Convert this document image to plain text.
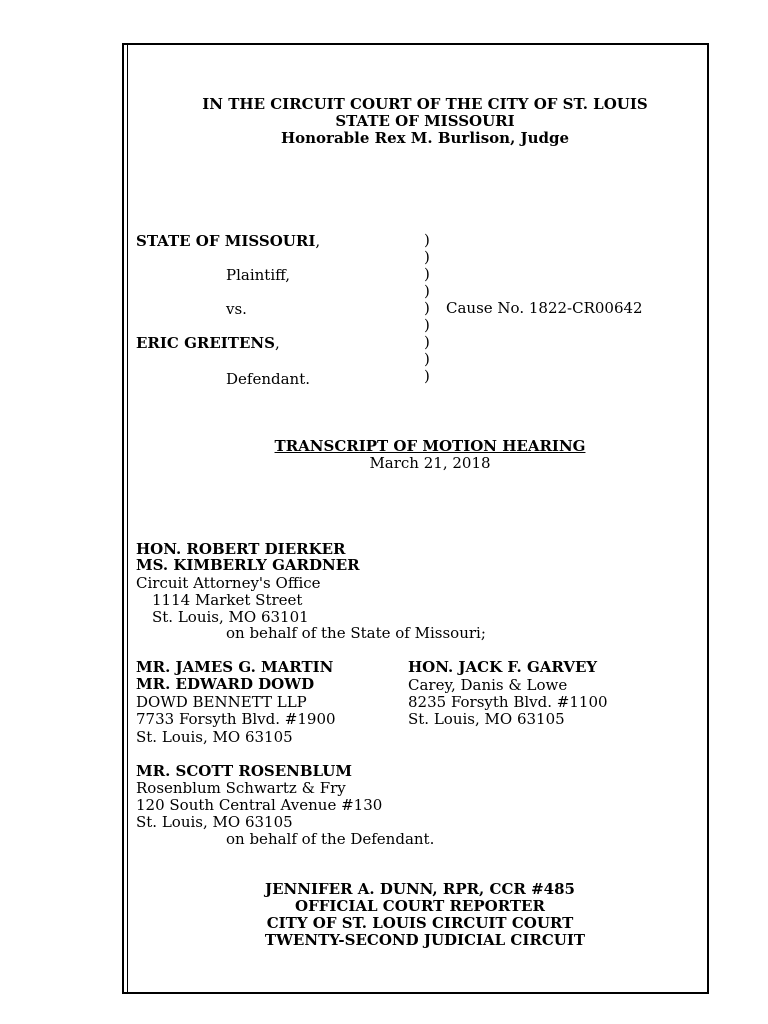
IN THE CIRCUIT COURT OF THE CITY OF ST. LOUIS
STATE OF MISSOURI
Honorable Rex M. Burlison, Judge
STATE OF MISSOURI,
Plaintiff,
vs.
ERIC GREITENS,
Defendant.
)
)
)
)
)
)
)
)
)
Cause No. 1822-CR00642
TRANSCRIPT OF MOTION HEARING
March 21, 2018
HON. ROBERT DIERKER
MS. KIMBERLY GARDNER
Circuit Attorney's Office
1114 Market Street
St. Louis, MO 63101
on behalf of the State of Missouri;
MR. JAMES G. MARTIN
MR. EDWARD DOWD
DOWD BENNETT LLP
7733 Forsyth Blvd. #1900
St. Louis, MO 63105
HON. JACK F. GARVEY
Carey, Danis & Lowe
8235 Forsyth Blvd. #1100
St. Louis, MO 63105
MR. SCOTT ROSENBLUM
Rosenblum Schwartz & Fry
120 South Central Avenue #130
St. Louis, MO 63105
on behalf of the Defendant.
JENNIFER A. DUNN, RPR, CCR #485
OFFICIAL COURT REPORTER
CITY OF ST. LOUIS CIRCUIT COURT
TWENTY-SECOND JUDICIAL CIRCUIT
